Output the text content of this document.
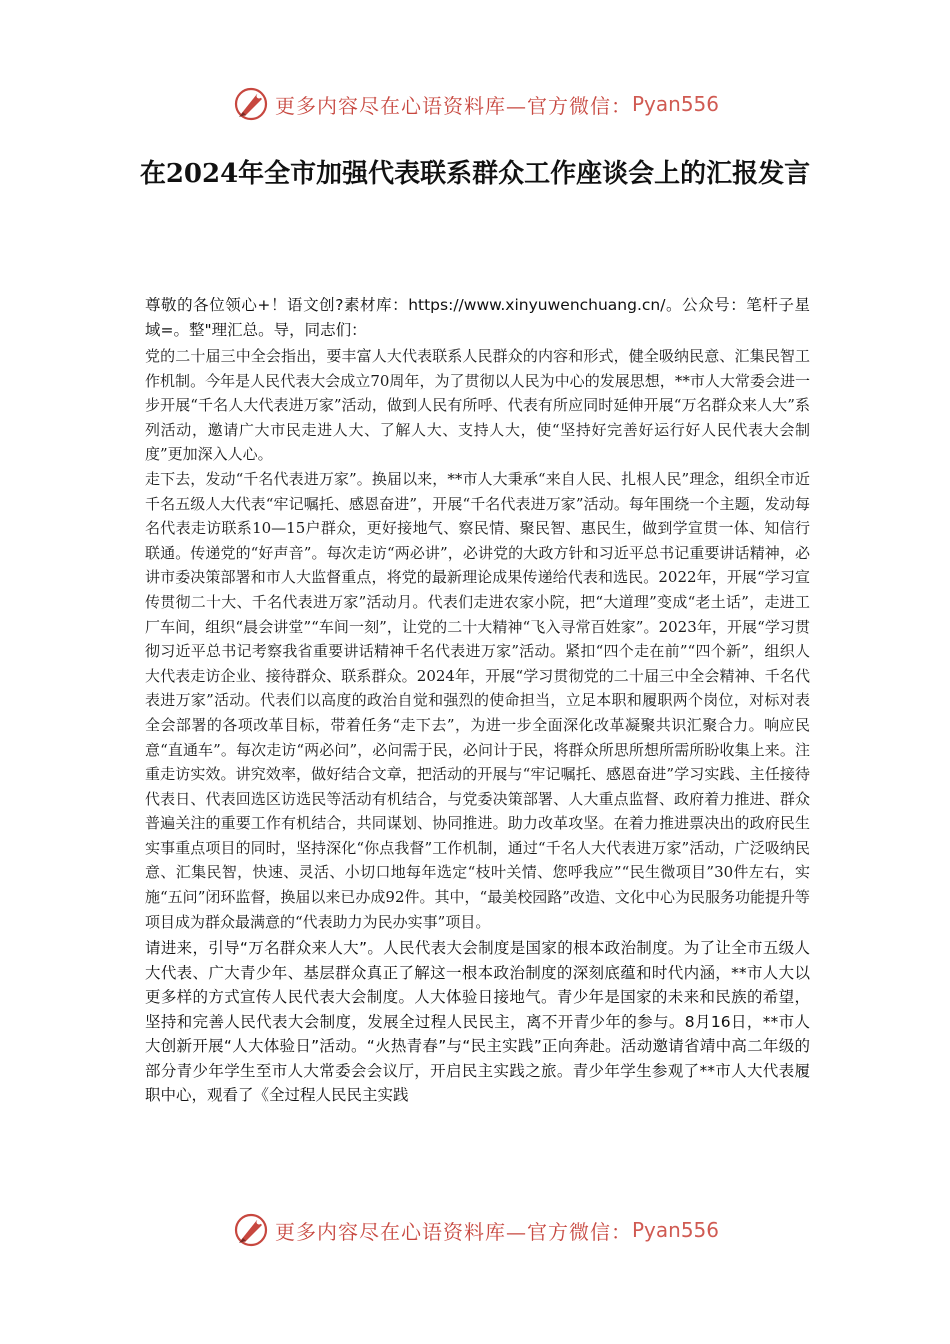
更多内容尽在心语资料库—官方微信： Pyan556
在2024年全市加强代表联系群众工作座谈会上的汇报发言

尊敬的各位领心+！语文创?素材库：https://www.xinyuwenchuang.cn/。公众号：笔杆子星域=。整"理汇总。导，同志们：

党的二十届三中全会指出，要丰富人大代表联系人民群众的内容和形式，健全吸纳民意、汇集民智工作机制。今年是人民代表大会成立70周年，为了贯彻以人民为中心的发展思想，**市人大常委会进一步开展“千名人大代表进万家”活动，做到人民有所呼、代表有所应同时延伸开展“万名群众来人大”系列活动，邀请广大市民走进人大、了解人大、支持人大，使“坚持好完善好运行好人民代表大会制度”更加深入人心。

走下去，发动“千名代表进万家”。换届以来，**市人大秉承“来自人民、扎根人民”理念，组织全市近千名五级人大代表“牢记嘱托、感恩奋进”，开展“千名代表进万家”活动。每年围绕一个主题，发动每名代表走访联系10—15户群众，更好接地气、察民情、聚民智、惠民生，做到学宣贯一体、知信行联通。传递党的“好声音”。每次走访“两必讲”，必讲党的大政方针和习近平总书记重要讲话精神，必讲市委决策部署和市人大监督重点，将党的最新理论成果传递给代表和选民。2022年，开展“学习宣传贯彻二十大、千名代表进万家”活动月。代表们走进农家小院，把“大道理”变成“老土话”，走进工厂车间，组织“晨会讲堂”“车间一刻”，让党的二十大精神“飞入寻常百姓家”。2023年，开展“学习贯彻习近平总书记考察我省重要讲话精神千名代表进万家”活动。紧扣“四个走在前”“四个新”，组织人大代表走访企业、接待群众、联系群众。2024年，开展“学习贯彻党的二十届三中全会精神、千名代表进万家”活动。代表们以高度的政治自觉和强烈的使命担当，立足本职和履职两个岗位，对标对表全会部署的各项改革目标，带着任务“走下去”，为进一步全面深化改革凝聚共识汇聚合力。响应民意“直通车”。每次走访“两必问”，必问需于民，必问计于民，将群众所思所想所需所盼收集上来。注重走访实效。讲究效率，做好结合文章，把活动的开展与“牢记嘱托、感恩奋进”学习实践、主任接待代表日、代表回选区访选民等活动有机结合，与党委决策部署、人大重点监督、政府着力推进、群众普遍关注的重要工作有机结合，共同谋划、协同推进。助力改革攻坚。在着力推进票决出的政府民生实事重点项目的同时，坚持深化“你点我督”工作机制，通过“千名人大代表进万家”活动，广泛吸纳民意、汇集民智，快速、灵活、小切口地每年选定“枝叶关情、您呼我应”“民生微项目”30件左右，实施“五问”闭环监督，换届以来已办成92件。其中，“最美校园路”改造、文化中心为民服务功能提升等项目成为群众最满意的“代表助力为民办实事”项目。

请进来，引导“万名群众来人大”。人民代表大会制度是国家的根本政治制度。为了让全市五级人大代表、广大青少年、基层群众真正了解这一根本政治制度的深刻底蕴和时代内涵，**市人大以更多样的方式宣传人民代表大会制度。人大体验日接地气。青少年是国家的未来和民族的希望，坚持和完善人民代表大会制度，发展全过程人民民主，离不开青少年的参与。8月16日，**市人大创新开展“人大体验日”活动。“火热青春”与“民主实践”正向奔赴。活动邀请省靖中高二年级的部分青少年学生至市人大常委会会议厅，开启民主实践之旅。青少年学生参观了**市人大代表履职中心，观看了《全过程人民民主实践

更多内容尽在心语资料库—官方微信： Pyan556
